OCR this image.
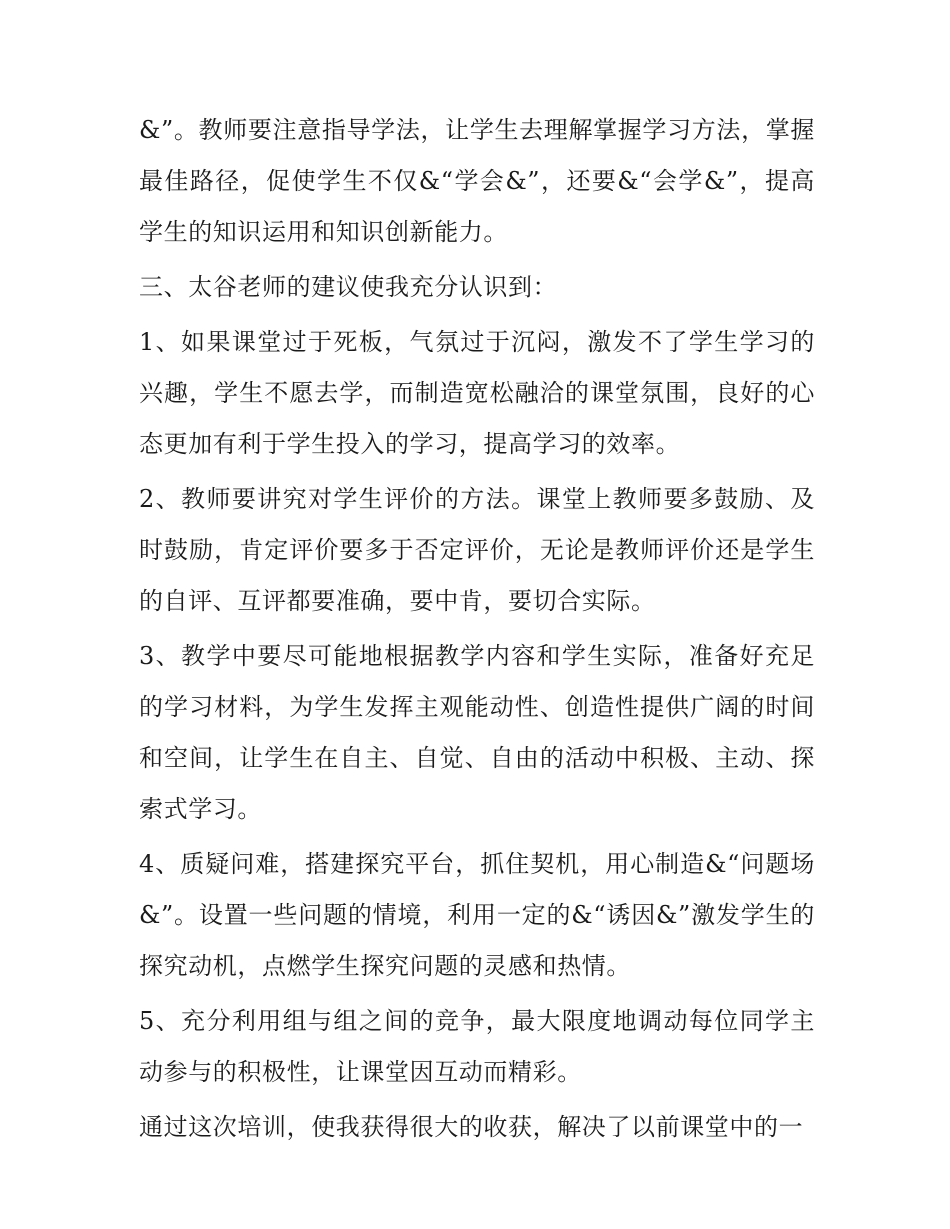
&”。教师要注意指导学法，让学生去理解掌握学习方法，掌握最佳路径，促使学生不仅&“学会&”，还要&“会学&”，提高学生的知识运用和知识创新能力。

三、太谷老师的建议使我充分认识到：

1、如果课堂过于死板，气氛过于沉闷，激发不了学生学习的兴趣，学生不愿去学，而制造宽松融洽的课堂氛围，良好的心态更加有利于学生投入的学习，提高学习的效率。

2、教师要讲究对学生评价的方法。课堂上教师要多鼓励、及时鼓励，肯定评价要多于否定评价，无论是教师评价还是学生的自评、互评都要准确，要中肯，要切合实际。

3、教学中要尽可能地根据教学内容和学生实际，准备好充足的学习材料，为学生发挥主观能动性、创造性提供广阔的时间和空间，让学生在自主、自觉、自由的活动中积极、主动、探索式学习。

4、质疑问难，搭建探究平台，抓住契机，用心制造&“问题场&”。设置一些问题的情境，利用一定的&“诱因&”激发学生的探究动机，点燃学生探究问题的灵感和热情。

5、充分利用组与组之间的竞争，最大限度地调动每位同学主动参与的积极性，让课堂因互动而精彩。

通过这次培训，使我获得很大的收获，解决了以前课堂中的一
